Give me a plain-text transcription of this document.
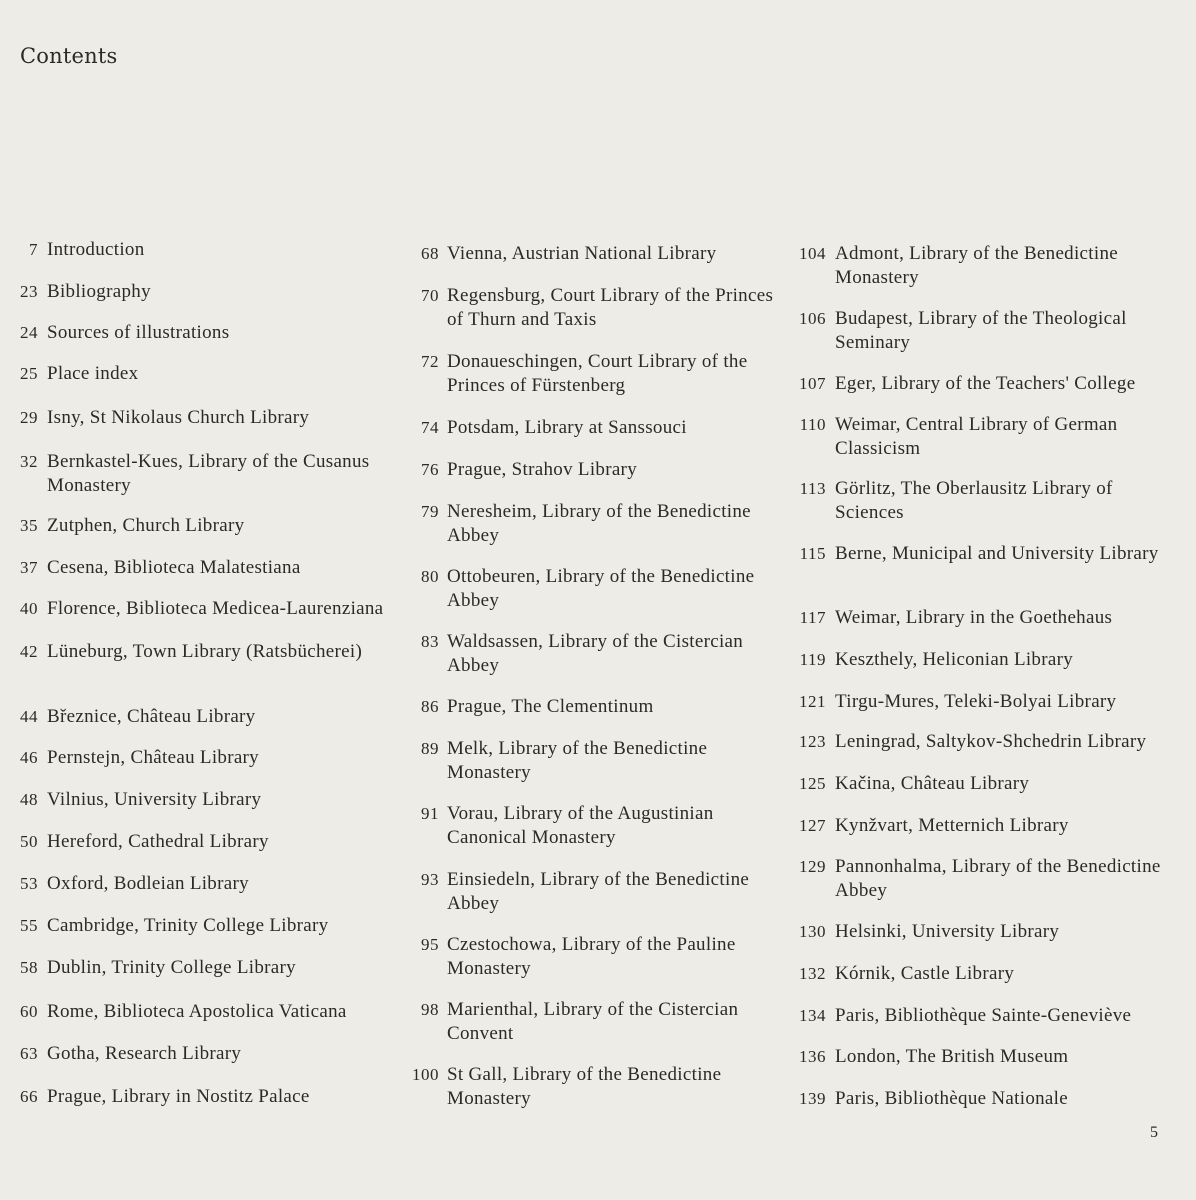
Contents
7 Introduction
23 Bibliography
24 Sources of illustrations
25 Place index
29 Isny, St Nikolaus Church Library
32 Bernkastel-Kues, Library of the Cusanus Monastery
35 Zutphen, Church Library
37 Cesena, Biblioteca Malatestiana
40 Florence, Biblioteca Medicea-Laurenziana
42 Lüneburg, Town Library (Ratsbücherei)
44 Březnice, Château Library
46 Pernstejn, Château Library
48 Vilnius, University Library
50 Hereford, Cathedral Library
53 Oxford, Bodleian Library
55 Cambridge, Trinity College Library
58 Dublin, Trinity College Library
60 Rome, Biblioteca Apostolica Vaticana
63 Gotha, Research Library
66 Prague, Library in Nostitz Palace
68 Vienna, Austrian National Library
70 Regensburg, Court Library of the Princes of Thurn and Taxis
72 Donaueschingen, Court Library of the Princes of Fürstenberg
74 Potsdam, Library at Sanssouci
76 Prague, Strahov Library
79 Neresheim, Library of the Benedictine Abbey
80 Ottobeuren, Library of the Benedictine Abbey
83 Waldsassen, Library of the Cistercian Abbey
86 Prague, The Clementinum
89 Melk, Library of the Benedictine Monastery
91 Vorau, Library of the Augustinian Canonical Monastery
93 Einsiedeln, Library of the Benedictine Abbey
95 Czestochowa, Library of the Pauline Monastery
98 Marienthal, Library of the Cistercian Convent
100 St Gall, Library of the Benedictine Monastery
104 Admont, Library of the Benedictine Monastery
106 Budapest, Library of the Theological Seminary
107 Eger, Library of the Teachers' College
110 Weimar, Central Library of German Classicism
113 Görlitz, The Oberlausitz Library of Sciences
115 Berne, Municipal and University Library
117 Weimar, Library in the Goethehaus
119 Keszthely, Heliconian Library
121 Tirgu-Mures, Teleki-Bolyai Library
123 Leningrad, Saltykov-Shchedrin Library
125 Kačina, Château Library
127 Kynžvart, Metternich Library
129 Pannonhalma, Library of the Benedictine Abbey
130 Helsinki, University Library
132 Kórnik, Castle Library
134 Paris, Bibliothèque Sainte-Geneviève
136 London, The British Museum
139 Paris, Bibliothèque Nationale
5
